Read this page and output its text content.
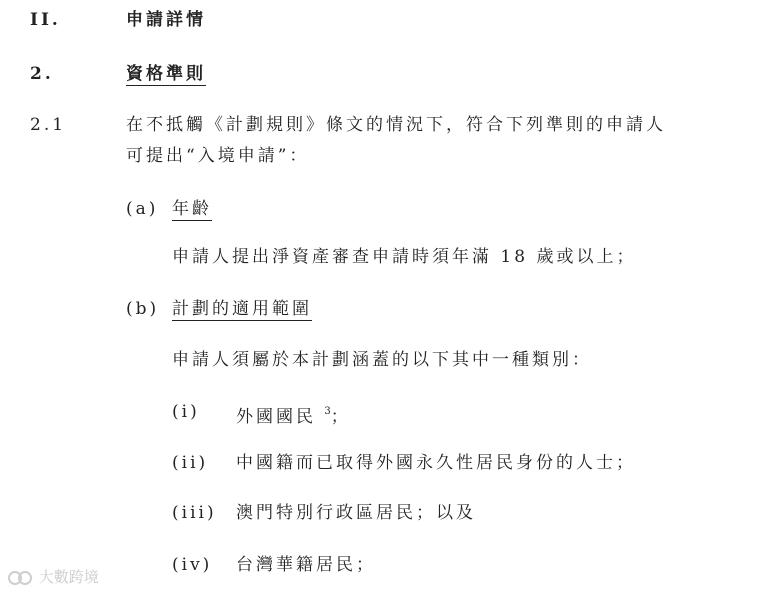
II.	申請詳情
2.	資格準則
2.1	在不抵觸《計劃規則》條文的情況下，符合下列準則的申請人
可提出“入境申請”：
(a) 年齡
申請人提出淨資產審查申請時須年滿 18 歲或以上；
(b) 計劃的適用範圍
申請人須屬於本計劃涵蓋的以下其中一種類別：
(i) 外國國民 $^3$；
(ii) 中國籍而已取得外國永久性居民身份的人士；
(iii) 澳門特別行政區居民；以及
(iv) 台灣華籍居民；
大數跨境
